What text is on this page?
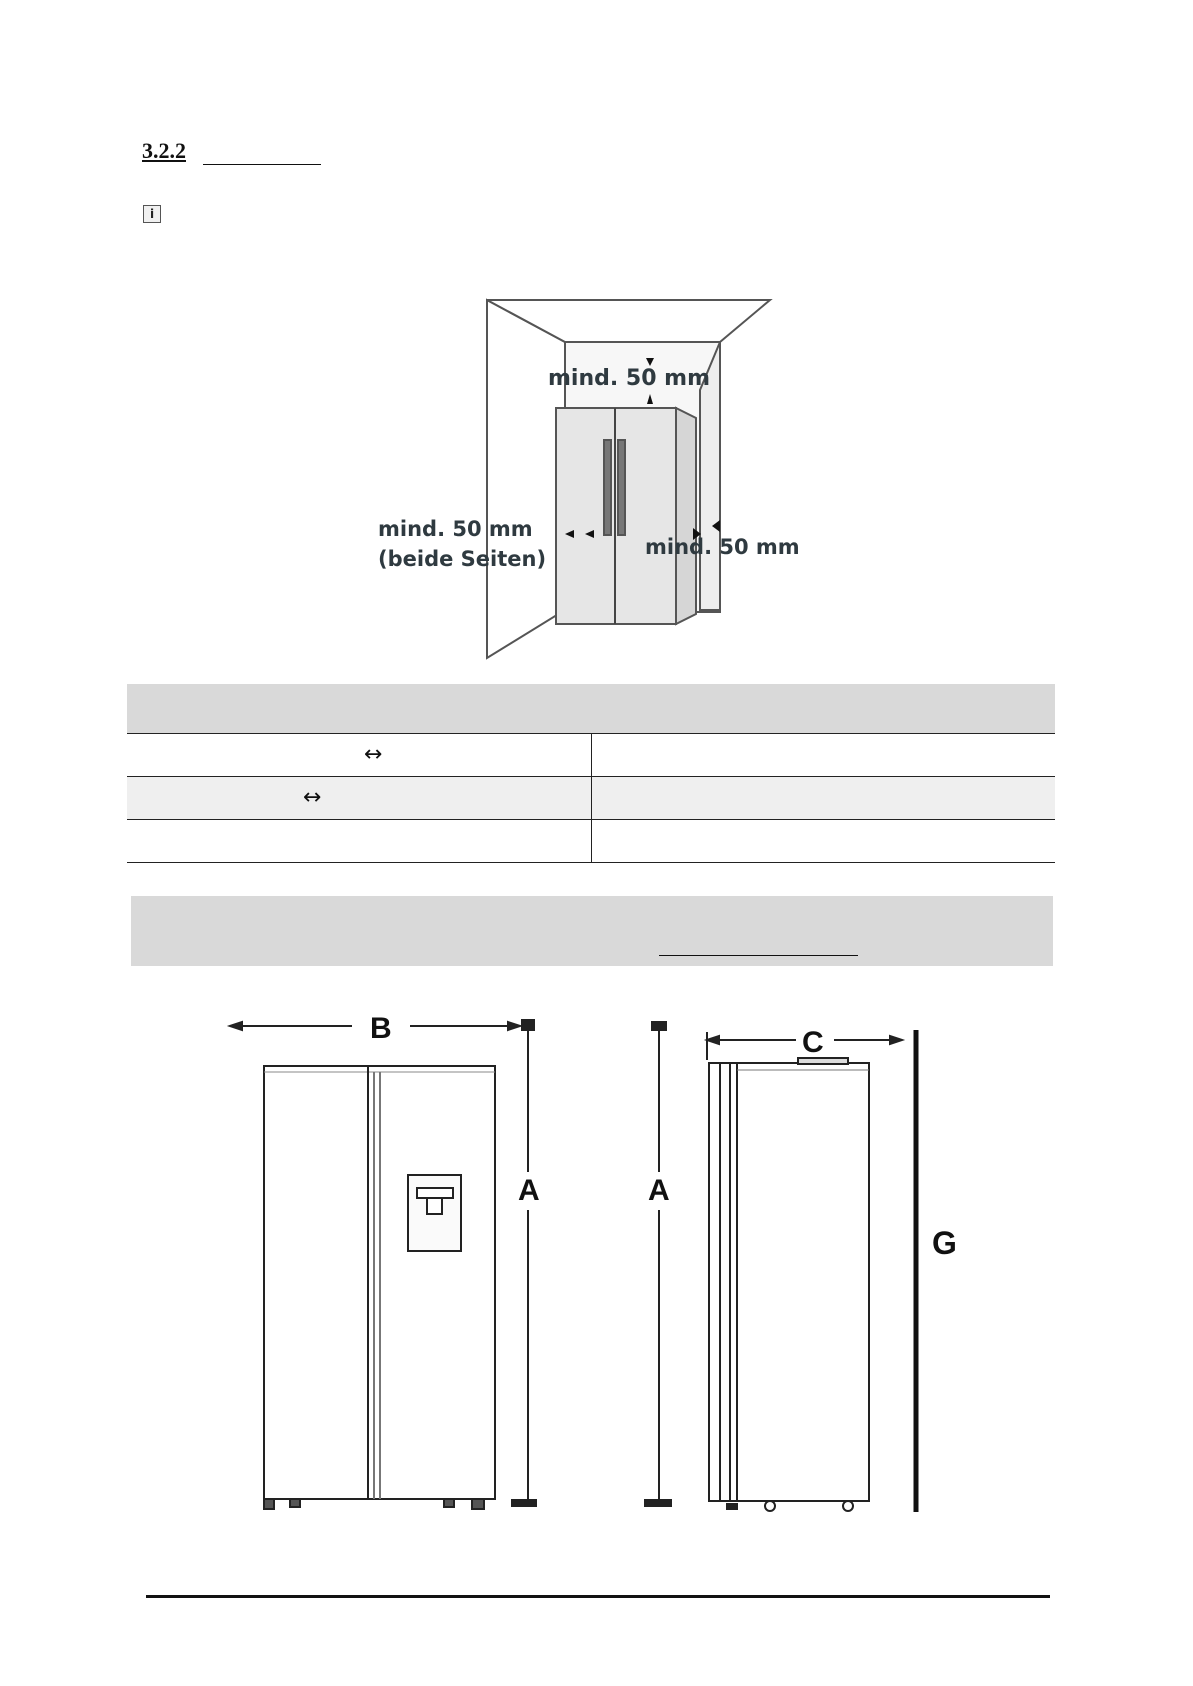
3.2.2
i
mind. 50 mm
mind. 50 mm
(beide Seiten)	mind. 50 mm
↔
↔
B
A	A
C
G
